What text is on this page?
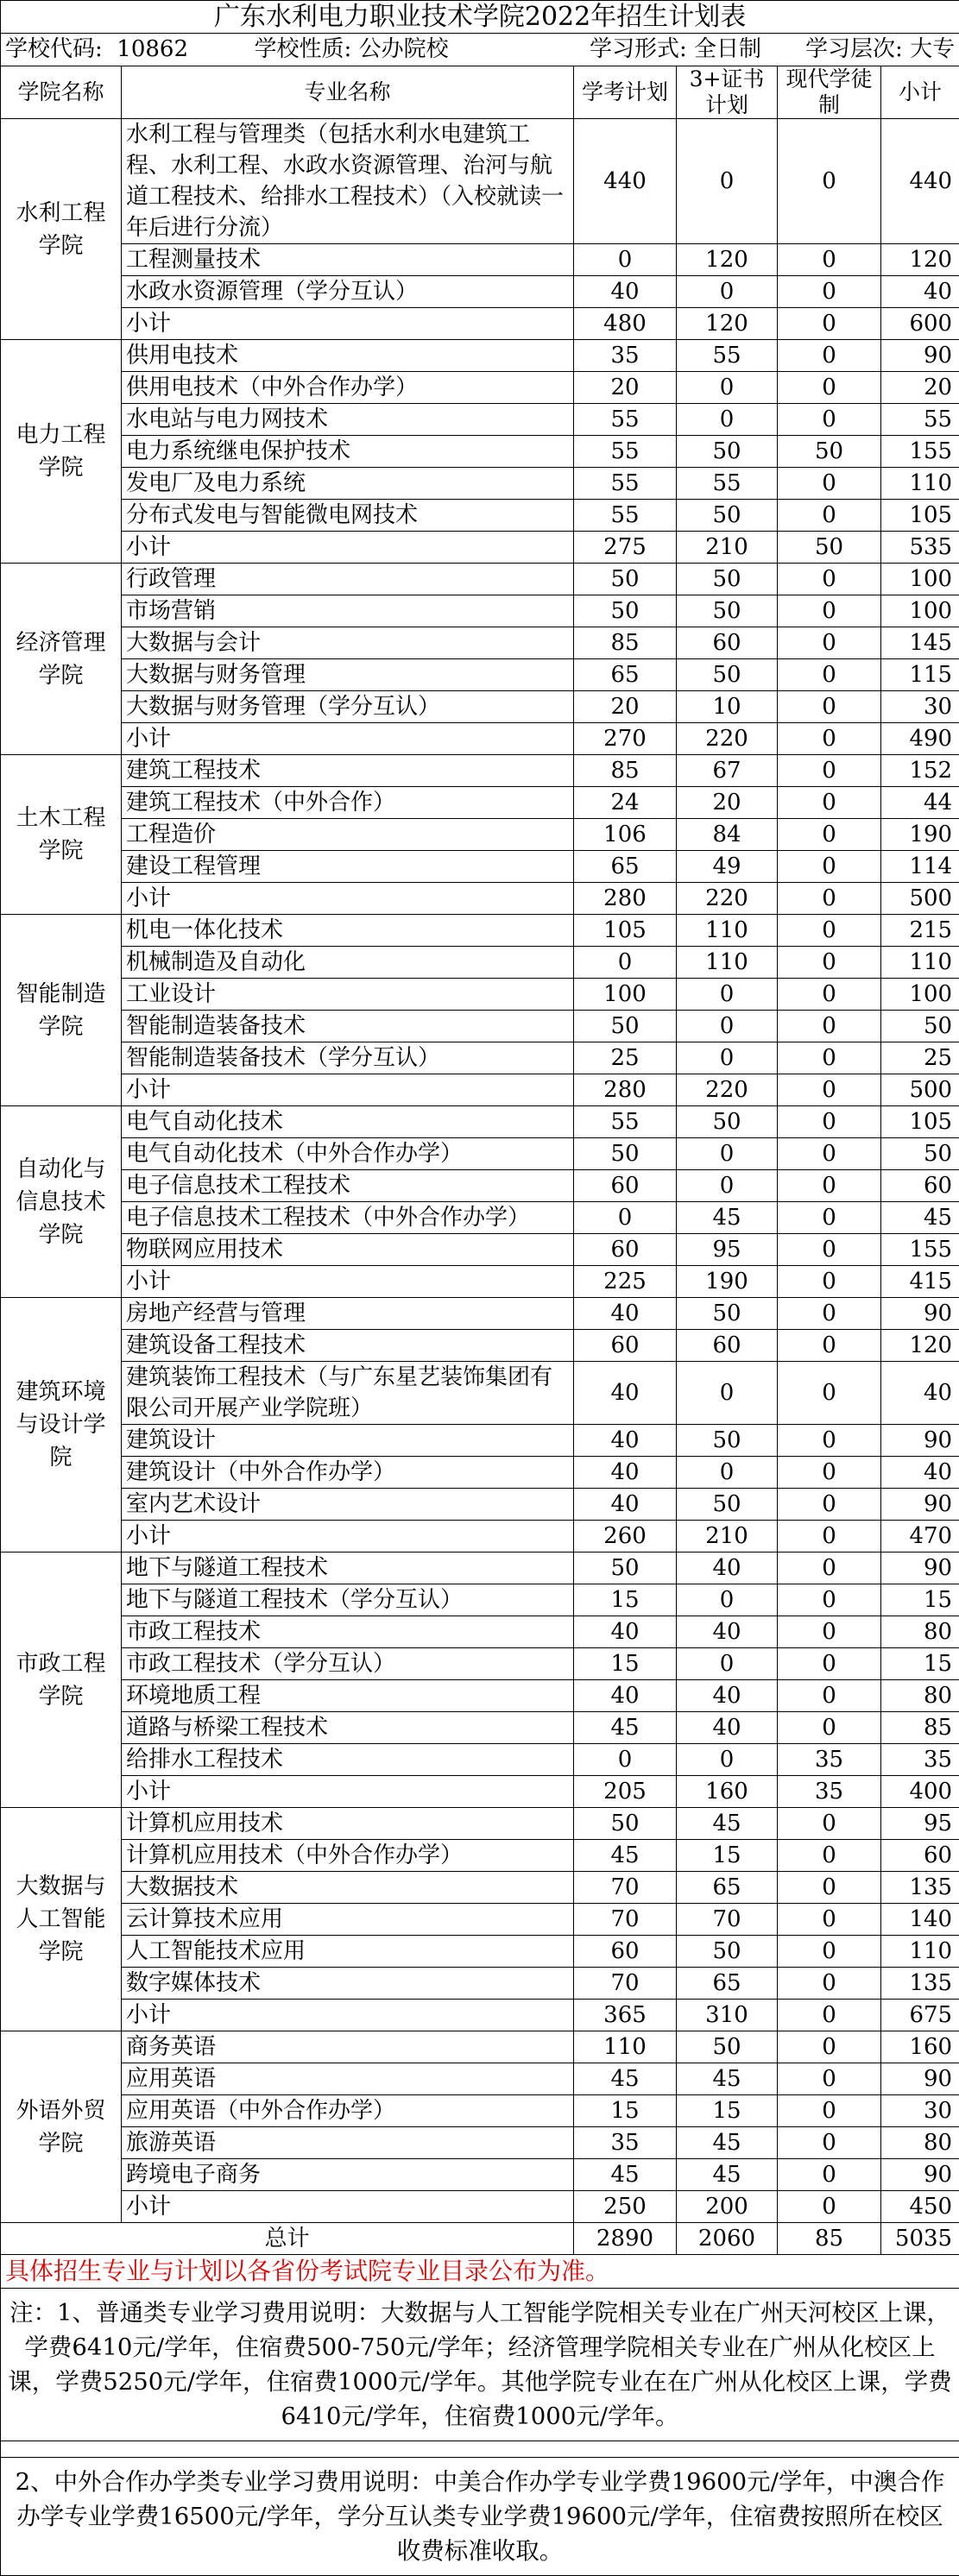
广东水利电力职业技术学院2022年招生计划表					
学校代码: 10862 学校性质: 公办院校		学习形式: 全日制		学习层次: 大专	
学院名称	专业名称	学考计划	3+证书计划	现代学徒制	小计
水利工程学院	水利工程与管理类（包括水利水电建筑工程、水利工程、水政水资源管理、治河与航道工程技术、给排水工程技术）（入校就读一年后进行分流）	440	0	0	440
	工程测量技术	0	120	0	120
	水政水资源管理（学分互认）	40	0	0	40
	小计	480	120	0	600
电力工程学院	供用电技术	35	55	0	90
	供用电技术（中外合作办学）	20	0	0	20
	水电站与电力网技术	55	0	0	55
	电力系统继电保护技术	55	50	50	155
	发电厂及电力系统	55	55	0	110
	分布式发电与智能微电网技术	55	50	0	105
	小计	275	210	50	535
经济管理学院	行政管理	50	50	0	100
	市场营销	50	50	0	100
	大数据与会计	85	60	0	145
	大数据与财务管理	65	50	0	115
	大数据与财务管理（学分互认）	20	10	0	30
	小计	270	220	0	490
土木工程学院	建筑工程技术	85	67	0	152
	建筑工程技术（中外合作）	24	20	0	44
	工程造价	106	84	0	190
	建设工程管理	65	49	0	114
	小计	280	220	0	500
智能制造学院	机电一体化技术	105	110	0	215
	机械制造及自动化	0	110	0	110
	工业设计	100	0	0	100
	智能制造装备技术	50	0	0	50
	智能制造装备技术（学分互认）	25	0	0	25
	小计	280	220	0	500
自动化与信息技术学院	电气自动化技术	55	50	0	105
	电气自动化技术（中外合作办学）	50	0	0	50
	电子信息技术工程技术	60	0	0	60
	电子信息技术工程技术（中外合作办学）	0	45	0	45
	物联网应用技术	60	95	0	155
	小计	225	190	0	415
建筑环境与设计学院	房地产经营与管理	40	50	0	90
	建筑设备工程技术	60	60	0	120
	建筑装饰工程技术（与广东星艺装饰集团有限公司开展产业学院班）	40	0	0	40
	建筑设计	40	50	0	90
	建筑设计（中外合作办学）	40	0	0	40
	室内艺术设计	40	50	0	90
	小计	260	210	0	470
市政工程学院	地下与隧道工程技术	50	40	0	90
	地下与隧道工程技术（学分互认）	15	0	0	15
	市政工程技术	40	40	0	80
	市政工程技术（学分互认）	15	0	0	15
	环境地质工程	40	40	0	80
	道路与桥梁工程技术	45	40	0	85
	给排水工程技术	0	0	35	35
	小计	205	160	35	400
大数据与人工智能学院	计算机应用技术	50	45	0	95
	计算机应用技术（中外合作办学）	45	15	0	60
	大数据技术	70	65	0	135
	云计算技术应用	70	70	0	140
	人工智能技术应用	60	50	0	110
	数字媒体技术	70	65	0	135
	小计	365	310	0	675
外语外贸学院	商务英语	110	50	0	160
	应用英语	45	45	0	90
	应用英语（中外合作办学）	15	15	0	30
	旅游英语	35	45	0	80
	跨境电子商务	45	45	0	90
	小计	250	200	0	450
总计		2890	2060	85	5035
具体招生专业与计划以各省份考试院专业目录公布为准。					
注：1、普通类专业学习费用说明：大数据与人工智能学院相关专业在广州天河校区上课，学费6410元/学年，住宿费500-750元/学年；经济管理学院相关专业在广州从化校区上课，学费5250元/学年，住宿费1000元/学年。其他学院专业在在广州从化校区上课，学费6410元/学年，住宿费1000元/学年。					

2、中外合作办学类专业学习费用说明：中美合作办学专业学费19600元/学年，中澳合作办学专业学费16500元/学年，学分互认类专业学费19600元/学年，住宿费按照所在校区收费标准收取。					
